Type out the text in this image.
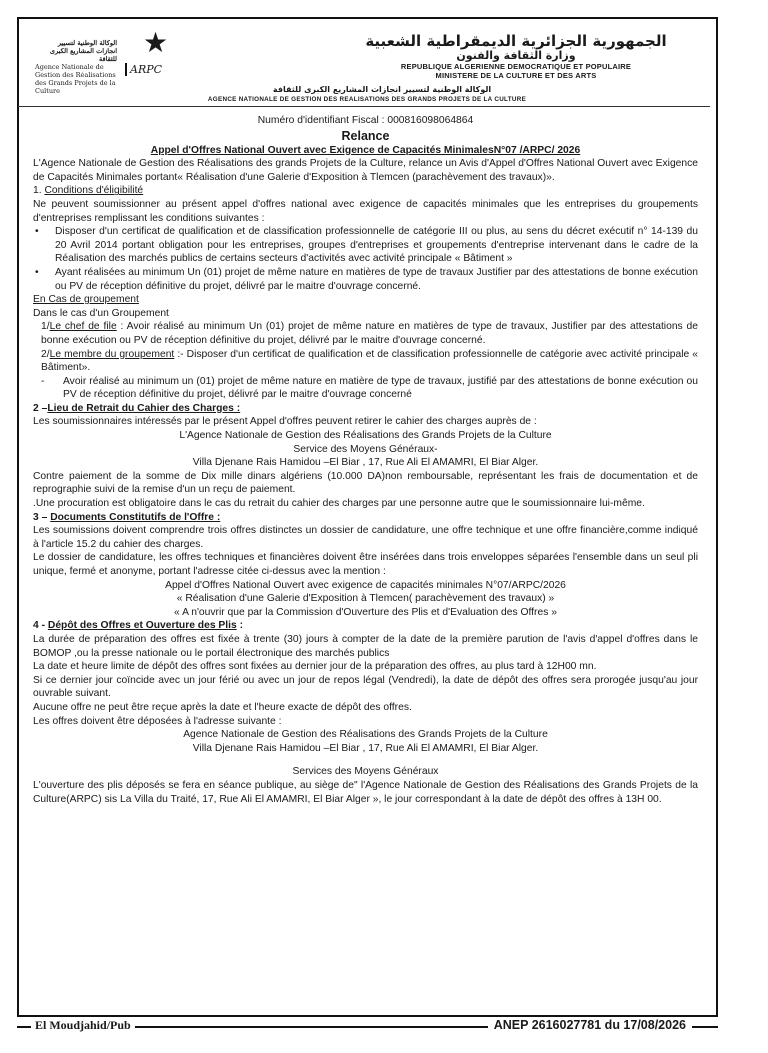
الوكالة الوطنية لتسيير انجازات المشاريع الكبرى للثقافة
Agence Nationale de Gestion des Réalisations des Grands Projets de la Culture
★
ARPC
الجمهورية الجزائرية الديمقراطية الشعبية
وزارة الثقافة والفنون
REPUBLIQUE ALGERIENNE DEMOCRATIQUE ET POPULAIRE
MINISTERE DE LA CULTURE ET DES ARTS
الوكالة الوطنية لتسيير انجازات المشاريع الكبرى للثقافة
AGENCE NATIONALE DE GESTION DES REALISATIONS DES GRANDS PROJETS DE LA CULTURE

Numéro d'identifiant Fiscal : 000816098064864

Relance

Appel d'Offres National Ouvert avec Exigence de Capacités MinimalesN°07 /ARPC/ 2026

L'Agence Nationale de Gestion des Réalisations des grands Projets de la Culture, relance un Avis d'Appel d'Offres National Ouvert avec Exigence de Capacités Minimales portant« Réalisation d'une Galerie d'Exposition à Tlemcen (parachèvement des travaux)».

1. Conditions d'éligibilité

Ne peuvent soumissionner au présent appel d'offres national avec exigence de capacités minimales que les entreprises du groupements d'entreprises remplissant les conditions suivantes :

• Disposer d'un certificat de qualification et de classification professionnelle de catégorie III ou plus, au sens du décret exécutif n° 14-139 du 20 Avril 2014 portant obligation pour les entreprises, groupes d'entreprises et groupements d'entreprise intervenant dans le cadre de la Réalisation des marchés publics de certains secteurs d'activités avec activité principale « Bâtiment »

• Ayant réalisées au minimum Un (01) projet de même nature en matières de type de travaux Justifier par des attestations de bonne exécution ou PV de réception définitive du projet, délivré par le maitre d'ouvrage concerné.

En Cas de groupement

Dans le cas d'un Groupement

1/Le chef de file : Avoir réalisé au minimum Un (01) projet de même nature en matières de type de travaux, Justifier par des attestations de bonne exécution ou PV de réception définitive du projet, délivré par le maitre d'ouvrage concerné.

2/Le membre du groupement :- Disposer d'un certificat de qualification et de classification professionnelle de catégorie avec activité principale « Bâtiment».

- Avoir réalisé au minimum un (01) projet de même nature en matière de type de travaux, justifié par des attestations de bonne exécution ou PV de réception définitive du projet, délivré par le maitre d'ouvrage concerné

2 –Lieu de Retrait du Cahier des Charges :

Les soumissionnaires intéressés par le présent Appel d'offres peuvent retirer le cahier des charges auprès de :

L'Agence Nationale de Gestion des Réalisations des Grands Projets de la Culture

Service des Moyens Généraux-

Villa Djenane Rais Hamidou –El Biar , 17, Rue Ali El AMAMRI, El Biar Alger.

Contre paiement de la somme de Dix mille dinars algériens (10.000 DA)non remboursable, représentant les frais de documentation et de reprographie suivi de la remise d'un un reçu de paiement.

.Une procuration est obligatoire dans le cas du retrait du cahier des charges par une personne autre que le soumissionnaire lui-même.

3 – Documents Constitutifs de l'Offre :

Les soumissions doivent comprendre trois offres distinctes un dossier de candidature, une offre technique et une offre financière,comme indiqué à l'article 15.2 du cahier des charges.

Le dossier de candidature, les offres techniques et financières doivent être insérées dans trois enveloppes séparées l'ensemble dans un seul pli unique, fermé et anonyme, portant l'adresse citée ci-dessus avec la mention :

Appel d'Offres National Ouvert avec exigence de capacités minimales N°07/ARPC/2026

« Réalisation d'une Galerie d'Exposition à Tlemcen( parachèvement des travaux) »

« A n'ouvrir que par la Commission d'Ouverture des Plis et d'Evaluation des Offres »

4 - Dépôt des Offres et Ouverture des Plis :

La durée de préparation des offres est fixée à trente (30) jours à compter de la date de la première parution de l'avis d'appel d'offres dans le BOMOP ,ou la presse nationale ou le portail électronique des marchés publics

La date et heure limite de dépôt des offres sont fixées au dernier jour de la préparation des offres, au plus tard à 12H00 mn.

Si ce dernier jour coïncide avec un jour férié ou avec un jour de repos légal (Vendredi), la date de dépôt des offres sera prorogée jusqu'au jour ouvrable suivant.

Aucune offre ne peut être reçue après la date et l'heure exacte de dépôt des offres.

Les offres doivent être déposées à l'adresse suivante :

Agence Nationale de Gestion des Réalisations des Grands Projets de la Culture

Villa Djenane Rais Hamidou –El Biar , 17, Rue Ali El AMAMRI, El Biar Alger.

Services des Moyens Généraux

L'ouverture des plis déposés se fera en séance publique, au siège de" l'Agence Nationale de Gestion des Réalisations des Grands Projets de la Culture(ARPC) sis La Villa du Traité, 17, Rue Ali El AMAMRI, El Biar Alger », le jour correspondant à la date de dépôt des offres à 13H 00.

El Moudjahid/Pub	ANEP 2616027781 du 17/08/2026
